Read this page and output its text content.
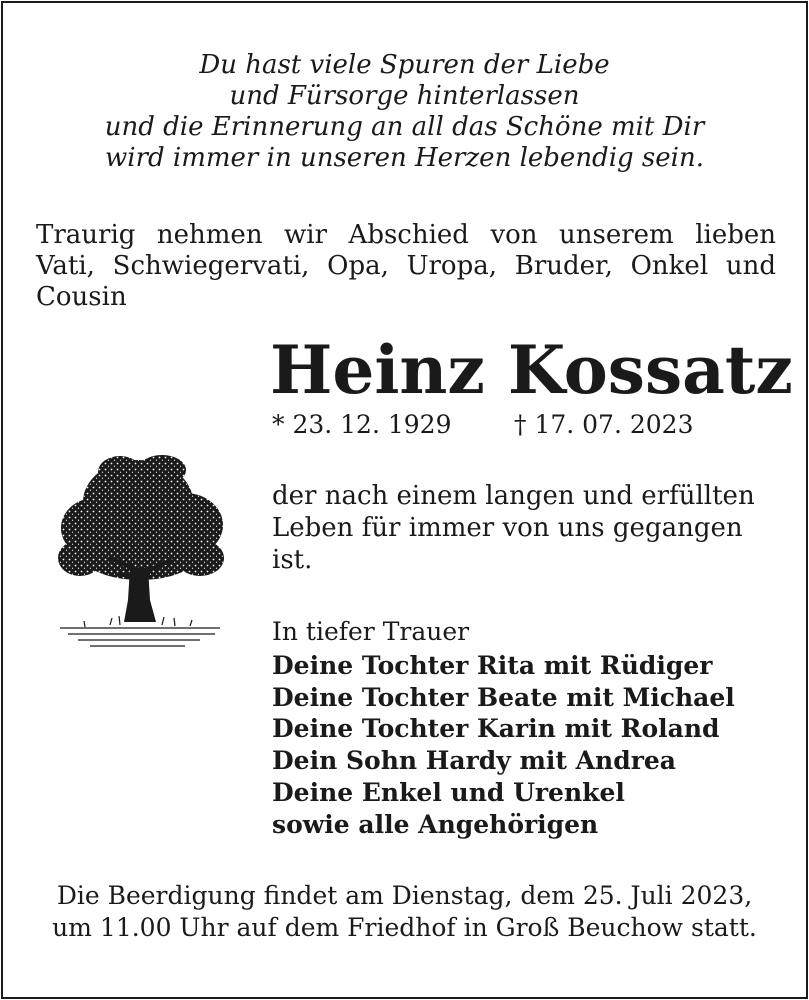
Du hast viele Spuren der Liebe
und Fürsorge hinterlassen
und die Erinnerung an all das Schöne mit Dir
wird immer in unseren Herzen lebendig sein.
Traurig nehmen wir Abschied von unserem lieben
Vati, Schwiegervati, Opa, Uropa, Bruder, Onkel und
Cousin
Heinz Kossatz
* 23. 12. 1929	† 17. 07. 2023
der nach einem langen und erfüllten
Leben für immer von uns gegangen
ist.
In tiefer Trauer
Deine Tochter Rita mit Rüdiger
Deine Tochter Beate mit Michael
Deine Tochter Karin mit Roland
Dein Sohn Hardy mit Andrea
Deine Enkel und Urenkel
sowie alle Angehörigen
Die Beerdigung findet am Dienstag, dem 25. Juli 2023,
um 11.00 Uhr auf dem Friedhof in Groß Beuchow statt.
